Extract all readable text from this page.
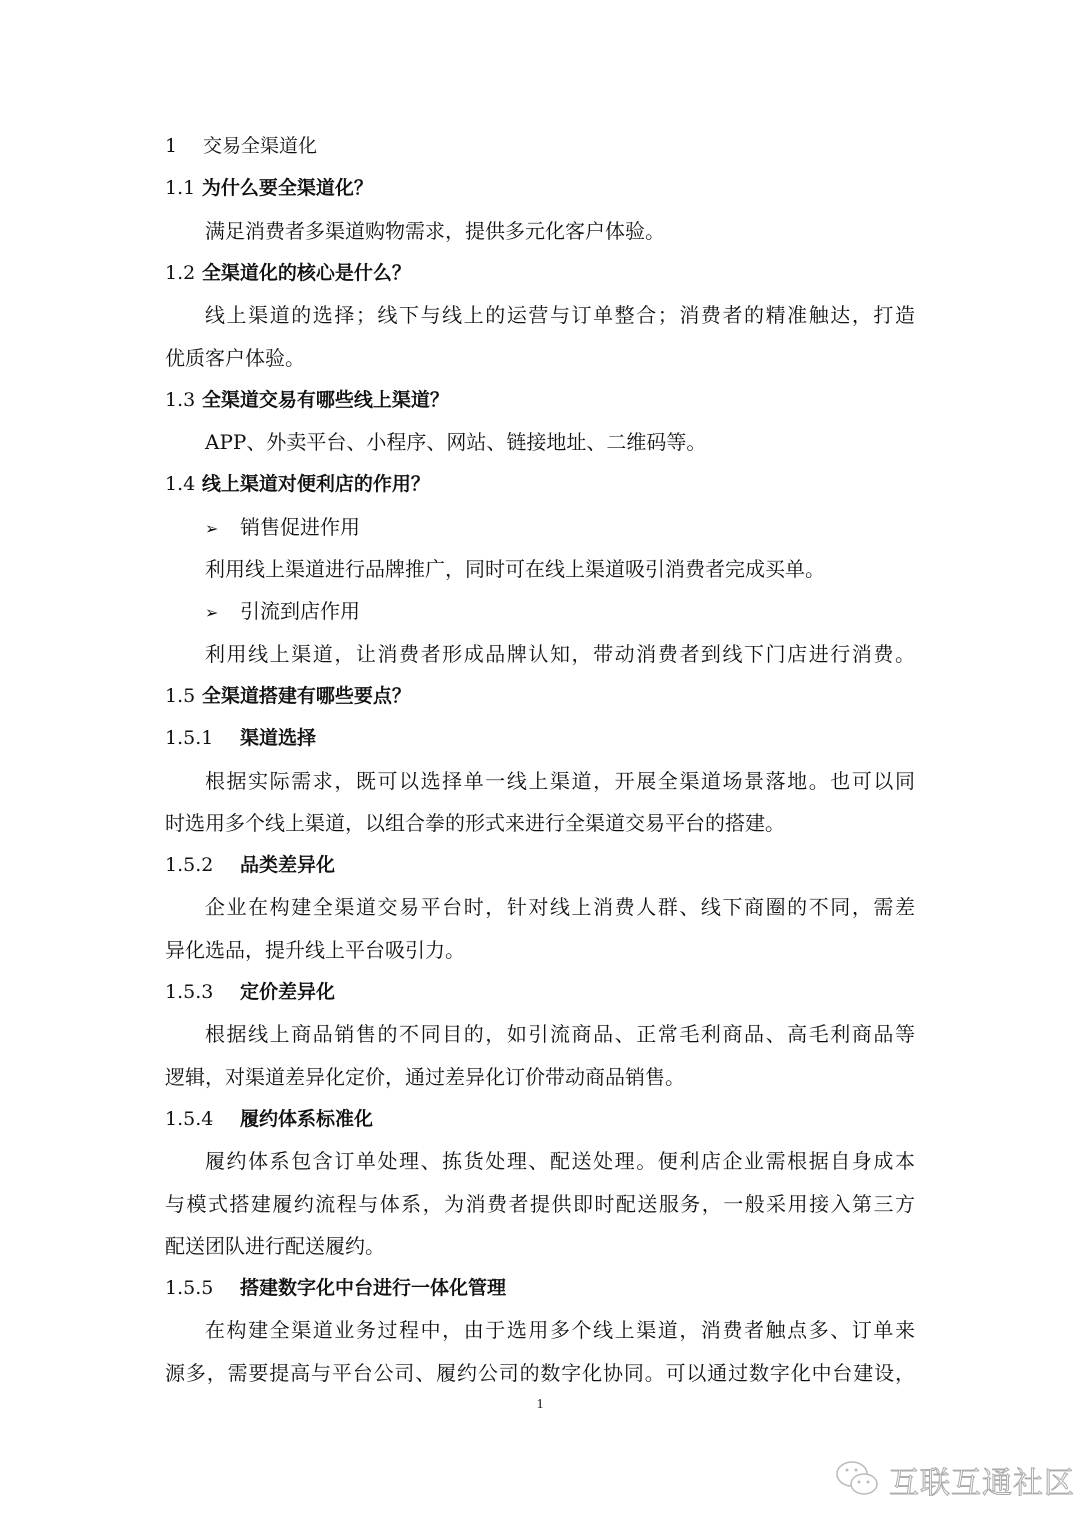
1 交易全渠道化
1.1 为什么要全渠道化？
满足消费者多渠道购物需求，提供多元化客户体验。
1.2 全渠道化的核心是什么？
线上渠道的选择；线下与线上的运营与订单整合；消费者的精准触达，打造
优质客户体验。
1.3 全渠道交易有哪些线上渠道？
APP、外卖平台、小程序、网站、链接地址、二维码等。
1.4 线上渠道对便利店的作用？
➢ 销售促进作用
利用线上渠道进行品牌推广，同时可在线上渠道吸引消费者完成买单。
➢ 引流到店作用
利用线上渠道，让消费者形成品牌认知，带动消费者到线下门店进行消费。
1.5 全渠道搭建有哪些要点？
1.5.1 渠道选择
根据实际需求，既可以选择单一线上渠道，开展全渠道场景落地。也可以同
时选用多个线上渠道，以组合拳的形式来进行全渠道交易平台的搭建。
1.5.2 品类差异化
企业在构建全渠道交易平台时，针对线上消费人群、线下商圈的不同，需差
异化选品，提升线上平台吸引力。
1.5.3 定价差异化
根据线上商品销售的不同目的，如引流商品、正常毛利商品、高毛利商品等
逻辑，对渠道差异化定价，通过差异化订价带动商品销售。
1.5.4 履约体系标准化
履约体系包含订单处理、拣货处理、配送处理。便利店企业需根据自身成本
与模式搭建履约流程与体系，为消费者提供即时配送服务，一般采用接入第三方
配送团队进行配送履约。
1.5.5 搭建数字化中台进行一体化管理
在构建全渠道业务过程中，由于选用多个线上渠道，消费者触点多、订单来
源多，需要提高与平台公司、履约公司的数字化协同。可以通过数字化中台建设，
1
互联互通社区
